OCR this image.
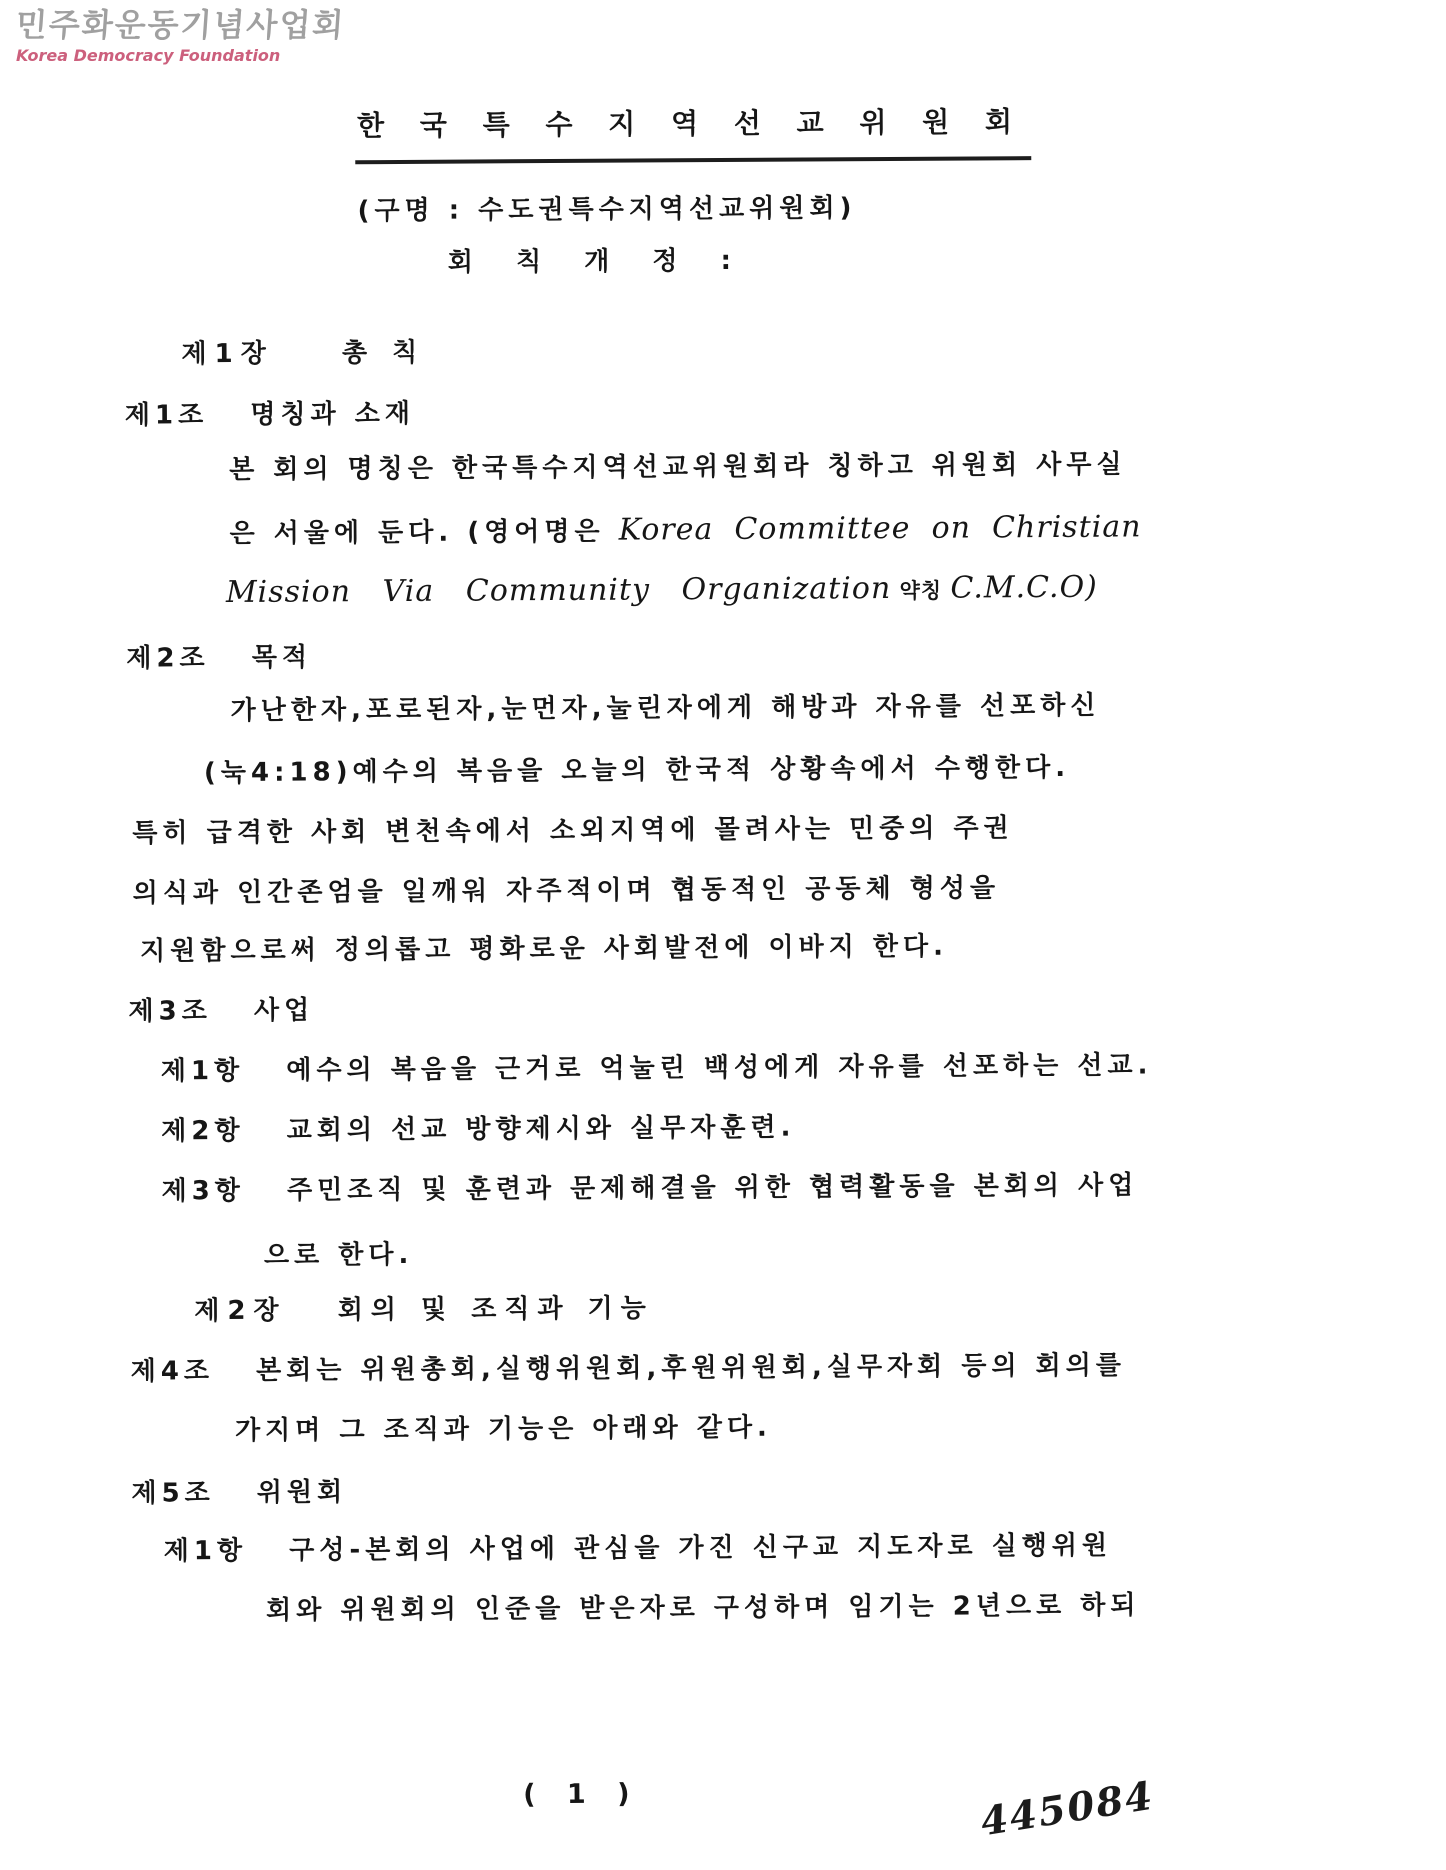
민주화운동기념사업회
Korea Democracy Foundation
한 국 특 수 지 역 선 교 위 원 회
(구명 : 수도권특수지역선교위원회)
회 칙 개 정 :
제1장    총 칙
제1조   명칭과 소재
본 회의 명칭은 한국특수지역선교위원회라 칭하고 위원회 사무실
은 서울에 둔다. (영어명은 Korea  Committee  on  Christian
Mission   Via   Community   Organization 약칭 C.M.C.O)
제2조   목적
가난한자,포로된자,눈먼자,눌린자에게 해방과 자유를 선포하신
(눅4:18)예수의 복음을 오늘의 한국적 상황속에서 수행한다.
특히 급격한 사회 변천속에서 소외지역에 몰려사는 민중의 주권
의식과 인간존엄을 일깨워 자주적이며 협동적인 공동체 형성을
지원함으로써 정의롭고 평화로운 사회발전에 이바지 한다.
제3조   사업
제1항   예수의 복음을 근거로 억눌린 백성에게 자유를 선포하는 선교.
제2항   교회의 선교 방향제시와 실무자훈련.
제3항   주민조직 및 훈련과 문제해결을 위한 협력활동을 본회의 사업
으로 한다.
제2장   회의 및 조직과 기능
제4조   본회는 위원총회,실행위원회,후원위원회,실무자회 등의 회의를
가지며 그 조직과 기능은 아래와 같다.
제5조   위원회
제1항   구성-본회의 사업에 관심을 가진 신구교 지도자로 실행위원
회와 위원회의 인준을 받은자로 구성하며 임기는 2년으로 하되
( 1 )	445084
